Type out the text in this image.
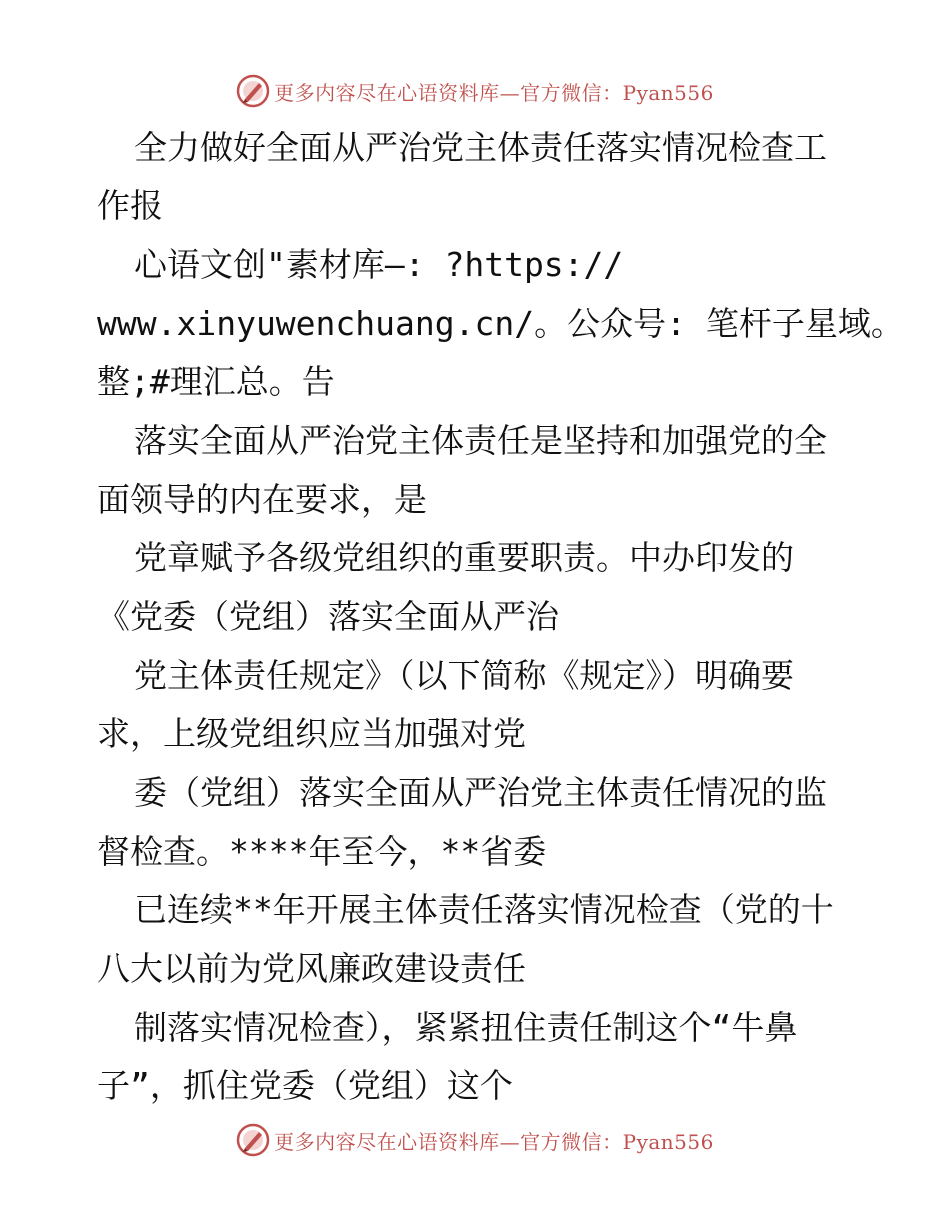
更多内容尽在心语资料库—官方微信：Pyan556
全力做好全面从严治党主体责任落实情况检查工
作报
心语文创"素材库—: ?https://
www.xinyuwenchuang.cn/。公众号: 笔杆子星域。
整;#理汇总。告
落实全面从严治党主体责任是坚持和加强党的全
面领导的内在要求，是
党章赋予各级党组织的重要职责。中办印发的
《党委（党组）落实全面从严治
党主体责任规定》（以下简称《规定》）明确要
求，上级党组织应当加强对党
委（党组）落实全面从严治党主体责任情况的监
督检查。****年至今，**省委
已连续**年开展主体责任落实情况检查（党的十
八大以前为党风廉政建设责任
制落实情况检查），紧紧扭住责任制这个“牛鼻
子”，抓住党委（党组）这个
更多内容尽在心语资料库—官方微信：Pyan556
